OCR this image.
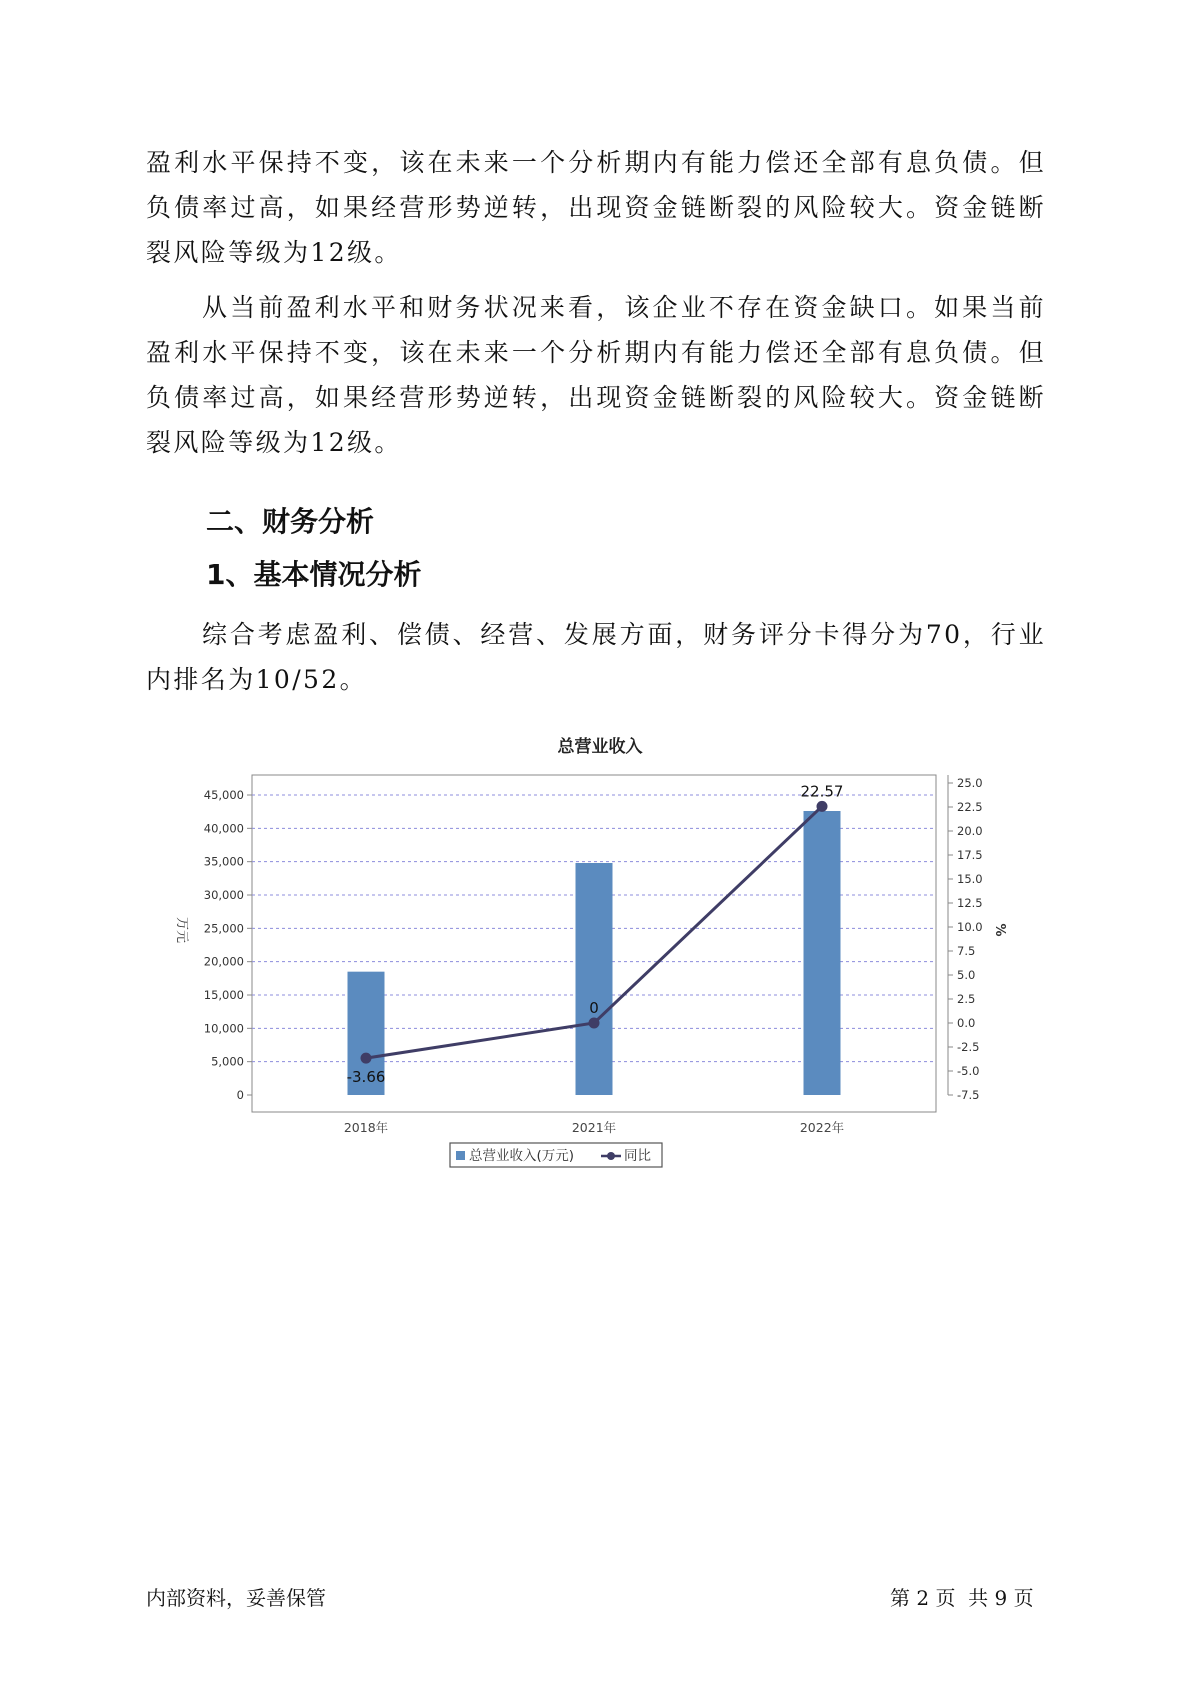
盈利水平保持不变，该在未来一个分析期内有能力偿还全部有息负债。但负债率过高，如果经营形势逆转，出现资金链断裂的风险较大。资金链断裂风险等级为12级。

从当前盈利水平和财务状况来看，该企业不存在资金缺口。如果当前盈利水平保持不变，该在未来一个分析期内有能力偿还全部有息负债。但负债率过高，如果经营形势逆转，出现资金链断裂的风险较大。资金链断裂风险等级为12级。

二、财务分析
1、基本情况分析

综合考虑盈利、偿债、经营、发展方面，财务评分卡得分为70，行业内排名为10/52。

总营业收入
0
5,000
10,000
15,000
20,000
25,000
30,000
35,000
40,000
45,000
-7.5
-5.0
-2.5
0.0
2.5
5.0
7.5
10.0
12.5
15.0
17.5
20.0
22.5
25.0
-3.66
0
22.57
2018年	2021年	2022年
万元	%
总营业收入(万元)	同比
内部资料，妥善保管	第 2 页  共 9 页
